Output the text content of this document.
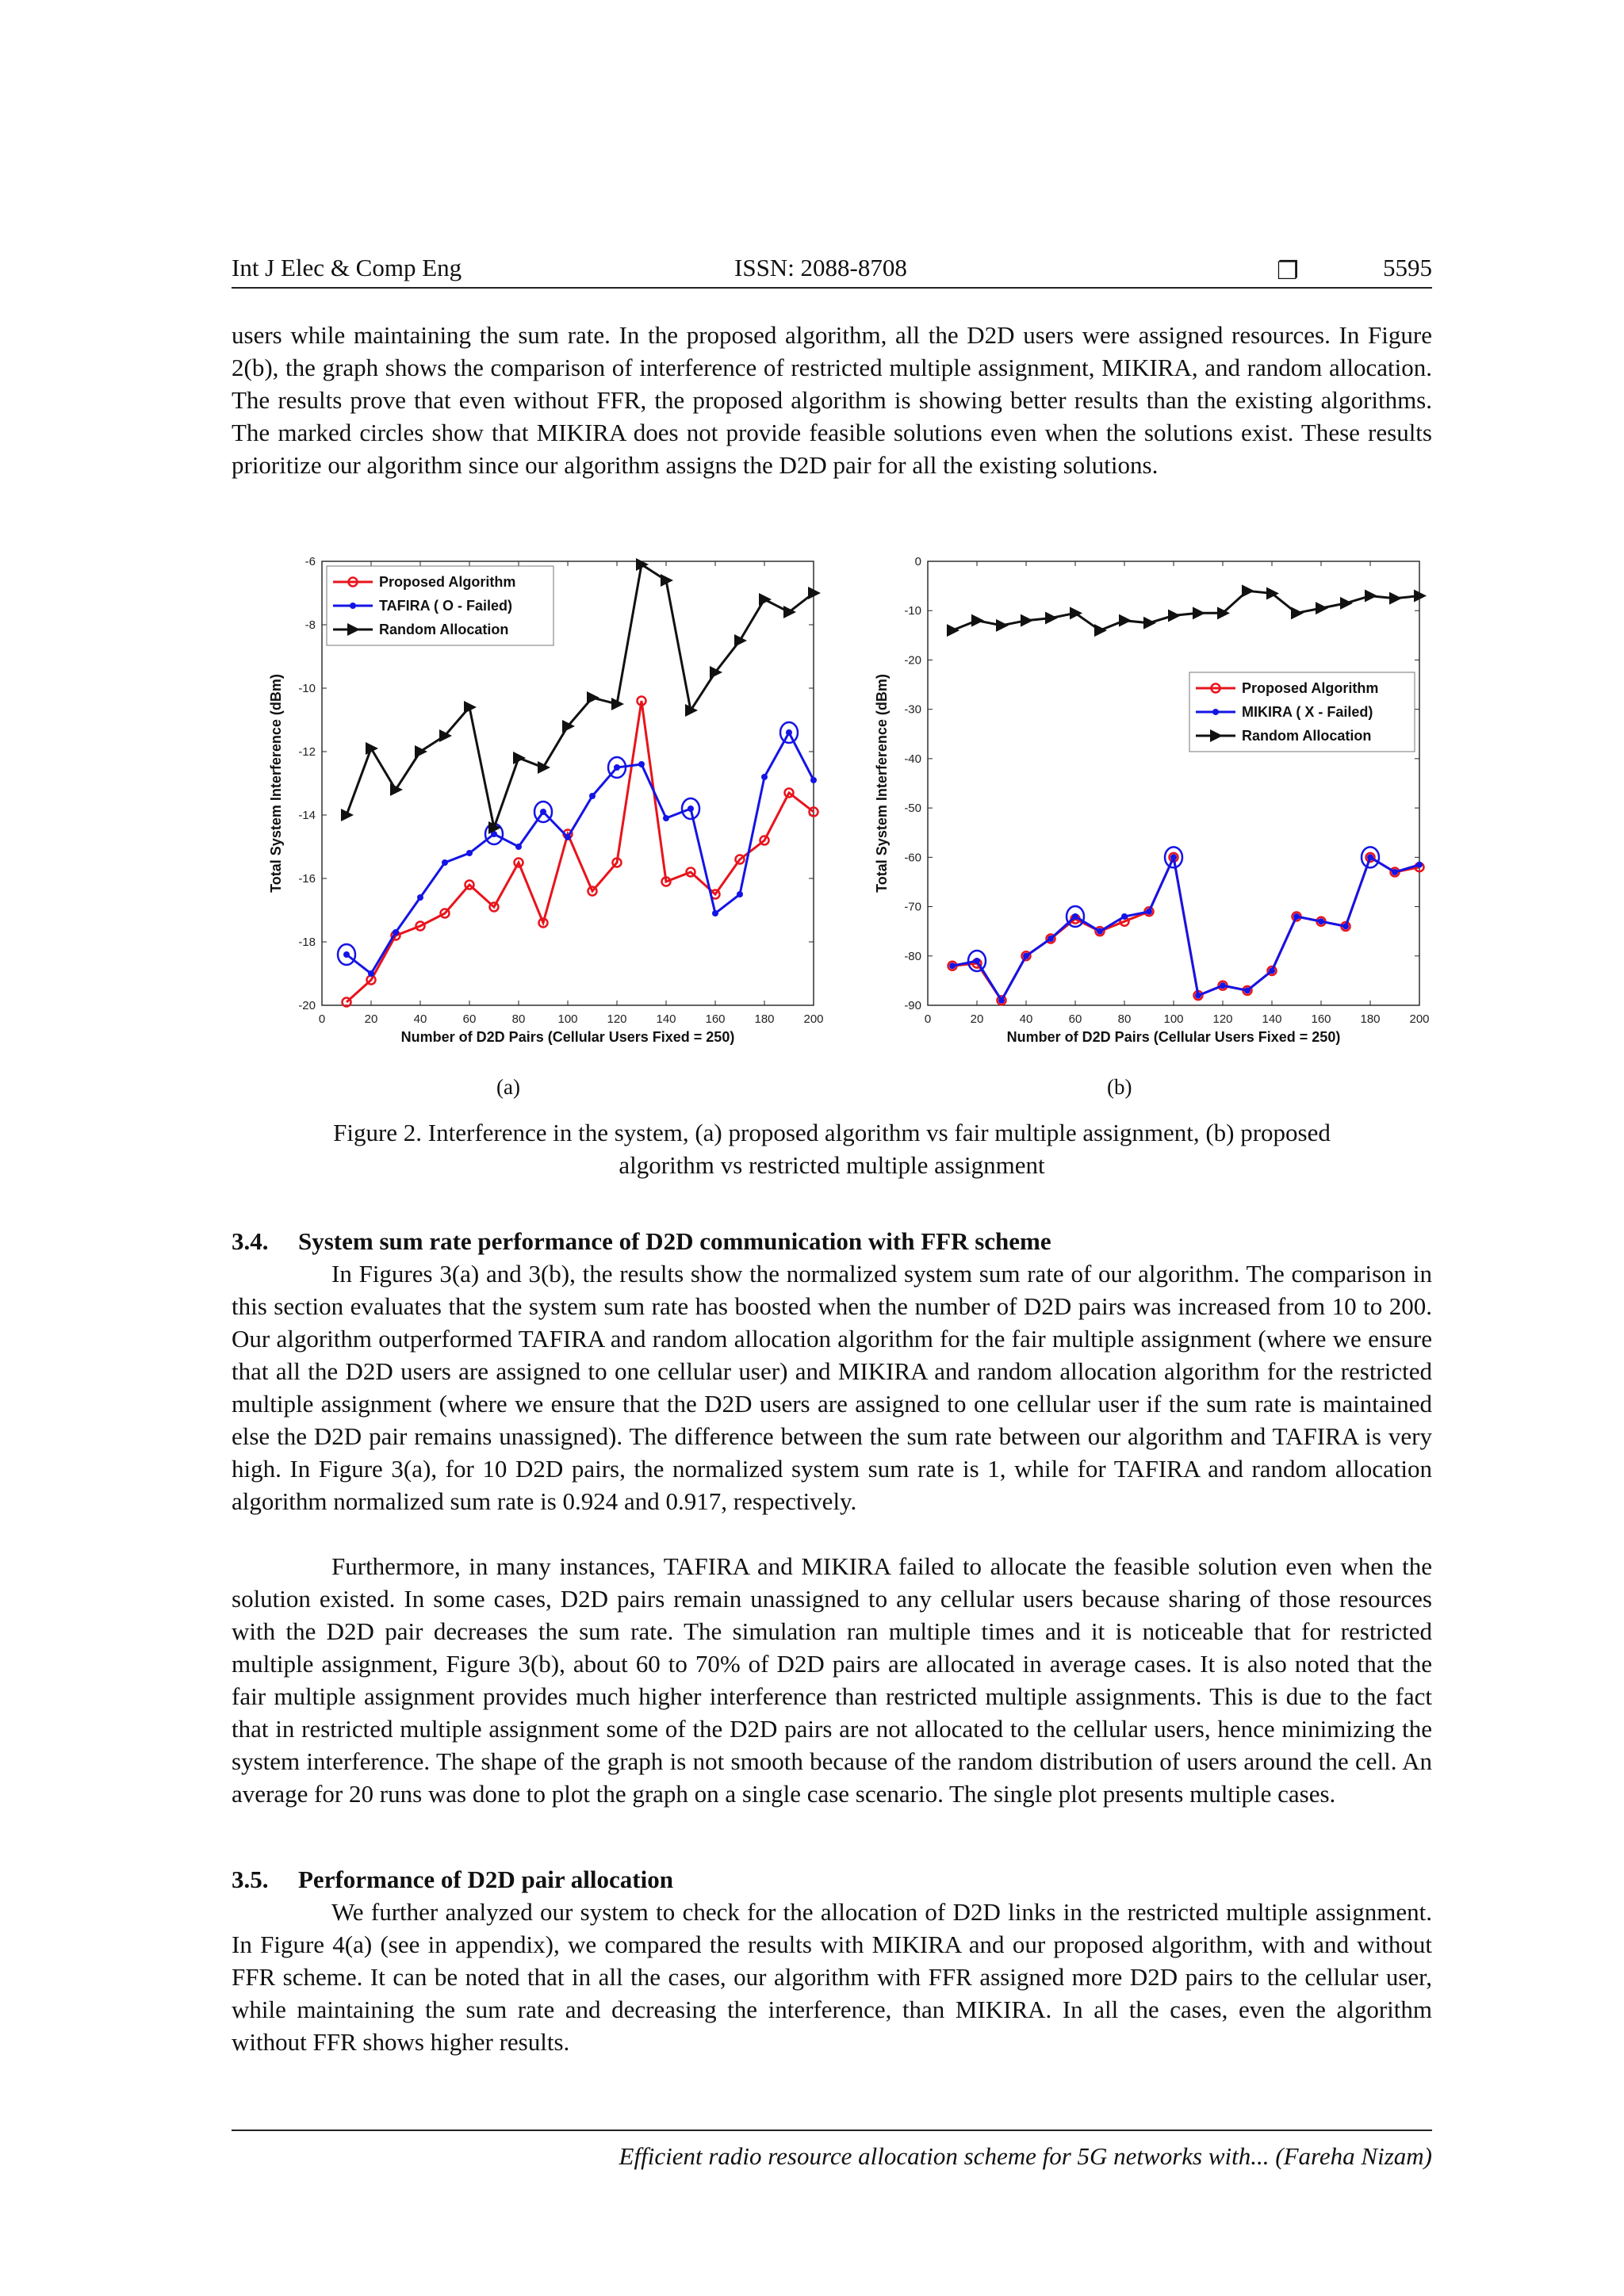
Int J Elec & Comp Eng	ISSN: 2088-8708	❐	5595
users while maintaining the sum rate. In the proposed algorithm, all the D2D users were assigned resources. In Figure 2(b), the graph shows the comparison of interference of restricted multiple assignment, MIKIRA, and random allocation. The results prove that even without FFR, the proposed algorithm is showing better results than the existing algorithms. The marked circles show that MIKIRA does not provide feasible solutions even when the solutions exist. These results prioritize our algorithm since our algorithm assigns the D2D pair for all the existing solutions.
0	20	40	60	80	100 120 140 160 180 200
-20
-18
-16
-14
-12
-10
-8
-6
Number of D2D Pairs (Cellular Users Fixed = 250)
Total System Interference (dBm)
Proposed Algorithm
TAFIRA ( O - Failed)
Random Allocation
0	20	40	60	80	100 120 140 160 180 200
0
-10
-20
-30
-40
-50
-60
-70
-80
-90
Number of D2D Pairs (Cellular Users Fixed = 250)
Total System Interference (dBm)	Proposed Algorithm
MIKIRA ( X - Failed)
Random Allocation
(a)	(b)
Figure 2. Interference in the system, (a) proposed algorithm vs fair multiple assignment, (b) proposed
algorithm vs restricted multiple assignment
3.4. System sum rate performance of D2D communication with FFR scheme
In Figures 3(a) and 3(b), the results show the normalized system sum rate of our algorithm. The comparison in this section evaluates that the system sum rate has boosted when the number of D2D pairs was increased from 10 to 200. Our algorithm outperformed TAFIRA and random allocation algorithm for the fair multiple assignment (where we ensure that all the D2D users are assigned to one cellular user) and MIKIRA and random allocation algorithm for the restricted multiple assignment (where we ensure that the D2D users are assigned to one cellular user if the sum rate is maintained else the D2D pair remains unassigned). The difference between the sum rate between our algorithm and TAFIRA is very high. In Figure 3(a), for 10 D2D pairs, the normalized system sum rate is 1, while for TAFIRA and random allocation algorithm normalized sum rate is 0.924 and 0.917, respectively.
Furthermore, in many instances, TAFIRA and MIKIRA failed to allocate the feasible solution even when the solution existed. In some cases, D2D pairs remain unassigned to any cellular users because sharing of those resources with the D2D pair decreases the sum rate. The simulation ran multiple times and it is noticeable that for restricted multiple assignment, Figure 3(b), about 60 to 70% of D2D pairs are allocated in average cases. It is also noted that the fair multiple assignment provides much higher interference than restricted multiple assignments. This is due to the fact that in restricted multiple assignment some of the D2D pairs are not allocated to the cellular users, hence minimizing the system interference. The shape of the graph is not smooth because of the random distribution of users around the cell. An average for 20 runs was done to plot the graph on a single case scenario. The single plot presents multiple cases.
3.5. Performance of D2D pair allocation
We further analyzed our system to check for the allocation of D2D links in the restricted multiple assignment. In Figure 4(a) (see in appendix), we compared the results with MIKIRA and our proposed algorithm, with and without FFR scheme. It can be noted that in all the cases, our algorithm with FFR assigned more D2D pairs to the cellular user, while maintaining the sum rate and decreasing the interference, than MIKIRA. In all the cases, even the algorithm without FFR shows higher results.
Efficient radio resource allocation scheme for 5G networks with... (Fareha Nizam)
